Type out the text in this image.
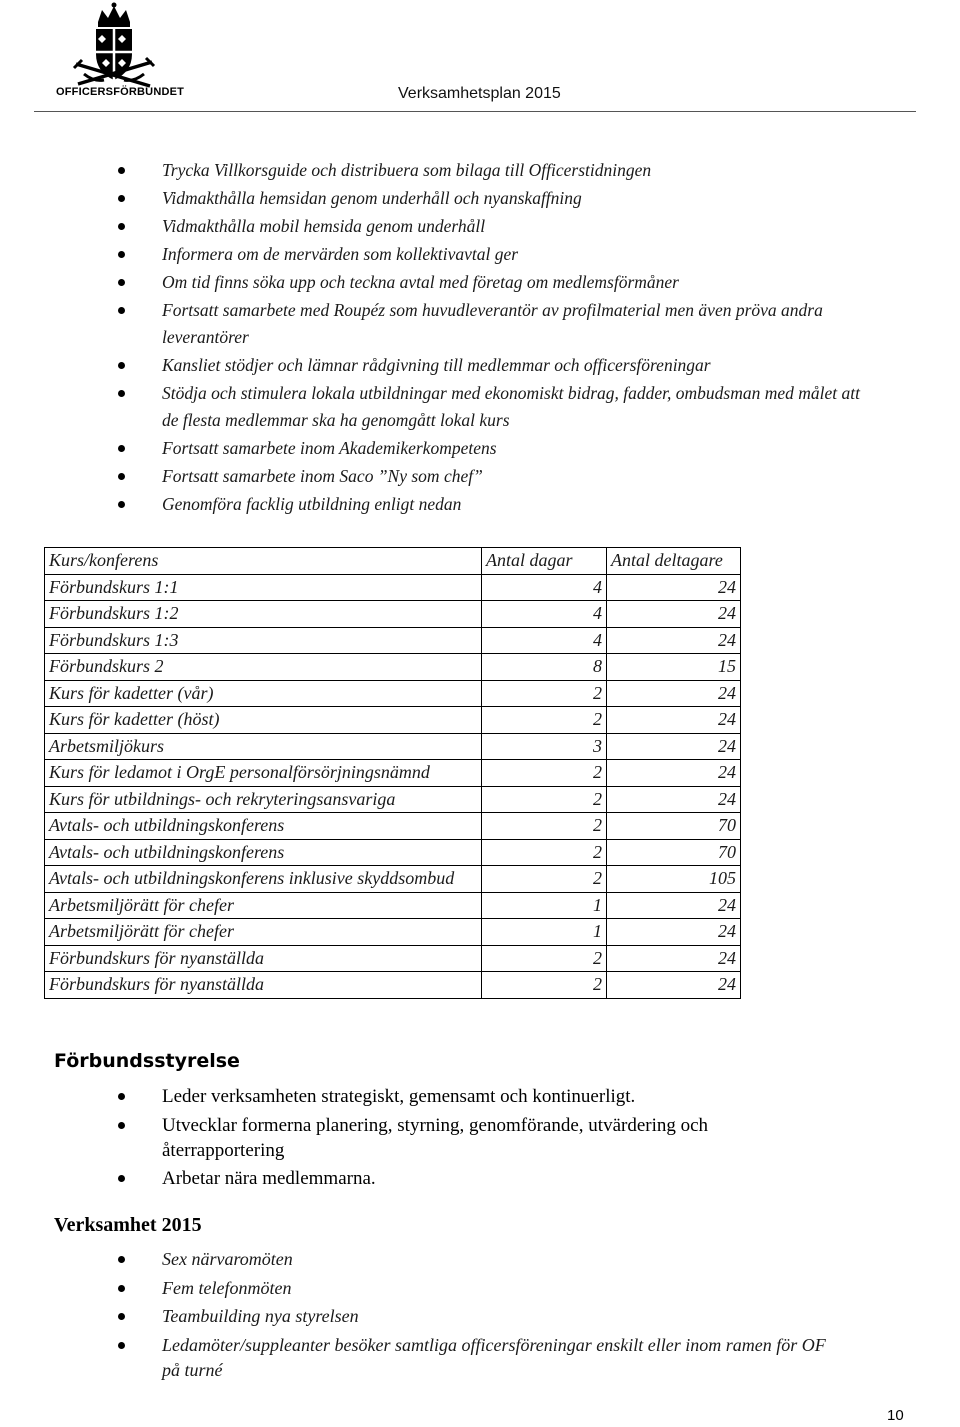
OFFICERSFÖRBUNDET	Verksamhetsplan 2015
Trycka Villkorsguide och distribuera som bilaga till Officerstidningen
Vidmakthålla hemsidan genom underhåll och nyanskaffning
Vidmakthålla mobil hemsida genom underhåll
Informera om de mervärden som kollektivavtal ger
Om tid finns söka upp och teckna avtal med företag om medlemsförmåner
Fortsatt samarbete med Roupéz som huvudleverantör av profilmaterial men även pröva andra leverantörer
Kansliet stödjer och lämnar rådgivning till medlemmar och officersföreningar
Stödja och stimulera lokala utbildningar med ekonomiskt bidrag, fadder, ombudsman med målet att de flesta medlemmar ska ha genomgått lokal kurs
Fortsatt samarbete inom Akademikerkompetens
Fortsatt samarbete inom Saco ”Ny som chef”
Genomföra facklig utbildning enligt nedan
Kurs/konferens	Antal dagar	Antal deltagare
Förbundskurs 1:1	4	24
Förbundskurs 1:2	4	24
Förbundskurs 1:3	4	24
Förbundskurs 2	8	15
Kurs för kadetter (vår)	2	24
Kurs för kadetter (höst)	2	24
Arbetsmiljökurs	3	24
Kurs för ledamot i OrgE personalförsörjningsnämnd	2	24
Kurs för utbildnings- och rekryteringsansvariga	2	24
Avtals- och utbildningskonferens	2	70
Avtals- och utbildningskonferens	2	70
Avtals- och utbildningskonferens inklusive skyddsombud	2	105
Arbetsmiljörätt för chefer	1	24
Arbetsmiljörätt för chefer	1	24
Förbundskurs för nyanställda	2	24
Förbundskurs för nyanställda	2	24
Förbundsstyrelse
Leder verksamheten strategiskt, gemensamt och kontinuerligt.
Utvecklar formerna planering, styrning, genomförande, utvärdering och återrapportering
Arbetar nära medlemmarna.
Verksamhet 2015
Sex närvaromöten
Fem telefonmöten
Teambuilding nya styrelsen
Ledamöter/suppleanter besöker samtliga officersföreningar enskilt eller inom ramen för OF på turné
10
